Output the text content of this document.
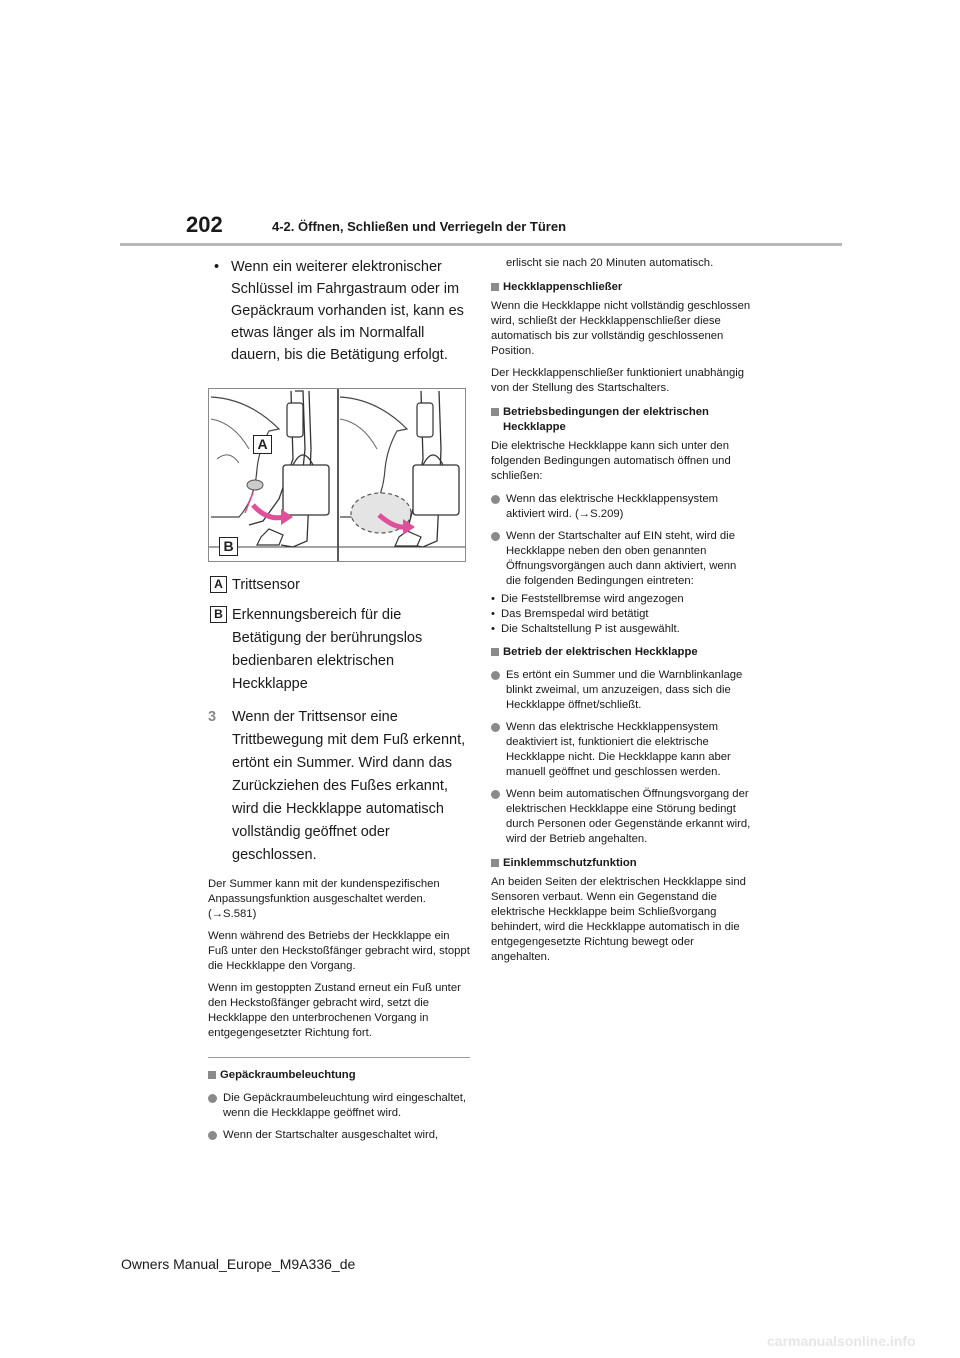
202	4-2. Öffnen, Schließen und Verriegeln der Türen
• Wenn ein weiterer elektronischer Schlüssel im Fahrgastraum oder im Gepäckraum vorhanden ist, kann es etwas länger als im Normalfall dauern, bis die Betätigung erfolgt.
A
B
A Trittsensor
B Erkennungsbereich für die Betätigung der berührungslos bedienbaren elektrischen Heckklappe
3 Wenn der Trittsensor eine Trittbewegung mit dem Fuß erkennt, ertönt ein Summer. Wird dann das Zurückziehen des Fußes erkannt, wird die Heckklappe automatisch vollständig geöffnet oder geschlossen.

Der Summer kann mit der kundenspezifischen Anpassungsfunktion ausgeschaltet werden. (→S.581)

Wenn während des Betriebs der Heckklappe ein Fuß unter den Heckstoßfänger gebracht wird, stoppt die Heckklappe den Vorgang.

Wenn im gestoppten Zustand erneut ein Fuß unter den Heckstoßfänger gebracht wird, setzt die Heckklappe den unterbrochenen Vorgang in entgegengesetzter Richtung fort.

Gepäckraumbeleuchtung
Die Gepäckraumbeleuchtung wird eingeschaltet, wenn die Heckklappe geöffnet wird.
Wenn der Startschalter ausgeschaltet wird,
erlischt sie nach 20 Minuten automatisch.
Heckklappenschließer

Wenn die Heckklappe nicht vollständig geschlossen wird, schließt der Heckklappenschließer diese automatisch bis zur vollständig geschlossenen Position.

Der Heckklappenschließer funktioniert unabhängig von der Stellung des Startschalters.

Betriebsbedingungen der elektrischen Heckklappe

Die elektrische Heckklappe kann sich unter den folgenden Bedingungen automatisch öffnen und schließen:

Wenn das elektrische Heckklappensystem aktiviert wird. (→S.209)
Wenn der Startschalter auf EIN steht, wird die Heckklappe neben den oben genannten Öffnungsvorgängen auch dann aktiviert, wenn die folgenden Bedingungen eintreten:
• Die Feststellbremse wird angezogen
• Das Bremspedal wird betätigt
• Die Schaltstellung P ist ausgewählt.
Betrieb der elektrischen Heckklappe
Es ertönt ein Summer und die Warnblinkanlage blinkt zweimal, um anzuzeigen, dass sich die Heckklappe öffnet/schließt.
Wenn das elektrische Heckklappensystem deaktiviert ist, funktioniert die elektrische Heckklappe nicht. Die Heckklappe kann aber manuell geöffnet und geschlossen werden.
Wenn beim automatischen Öffnungsvorgang der elektrischen Heckklappe eine Störung bedingt durch Personen oder Gegenstände erkannt wird, wird der Betrieb angehalten.
Einklemmschutzfunktion

An beiden Seiten der elektrischen Heckklappe sind Sensoren verbaut. Wenn ein Gegenstand die elektrische Heckklappe beim Schließvorgang behindert, wird die Heckklappe automatisch in die entgegengesetzte Richtung bewegt oder angehalten.

Owners Manual_Europe_M9A336_de
carmanualsonline.info
